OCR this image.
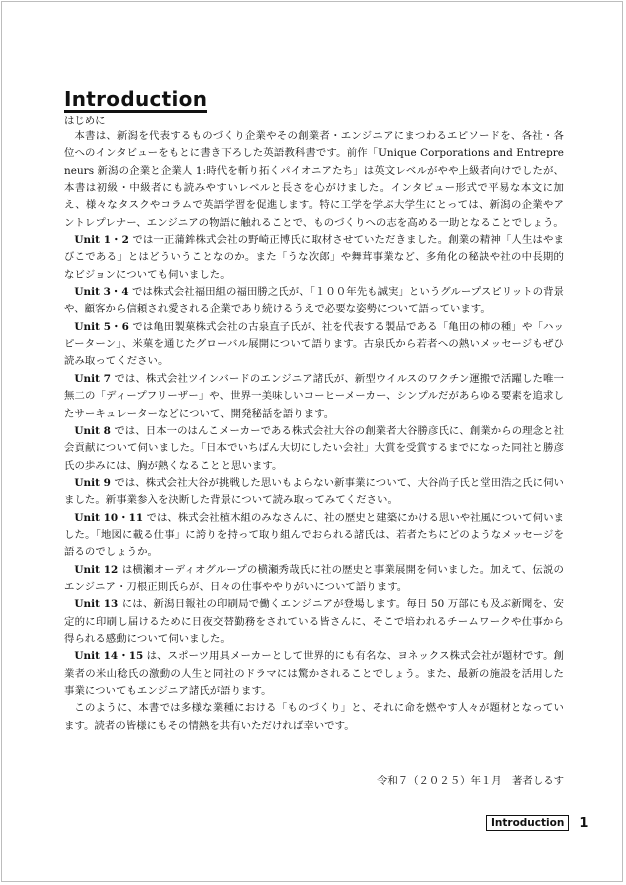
Introduction
はじめに

本書は、新潟を代表するものづくり企業やその創業者・エンジニアにまつわるエピソードを、各社・各位へのインタビューをもとに書き下ろした英語教科書です。前作「Unique Corporations and Entrepreneurs 新潟の企業と企業人 1:時代を斬り拓くパイオニアたち」は英文レベルがやや上級者向けでしたが、本書は初級・中級者にも読みやすいレベルと長さを心がけました。インタビュー形式で平易な本文に加え、様々なタスクやコラムで英語学習を促進します。特に工学を学ぶ大学生にとっては、新潟の企業やアントレプレナー、エンジニアの物語に触れることで、ものづくりへの志を高める一助となることでしょう。

Unit 1・2 では一正蒲鉾株式会社の野崎正博氏に取材させていただきました。創業の精神「人生はやまびこである」とはどういうことなのか。また「うな次郎」や舞茸事業など、多角化の秘訣や社の中長期的なビジョンについても伺いました。

Unit 3・4 では株式会社福田組の福田勝之氏が、「１００年先も誠実」というグループスピリットの背景や、顧客から信頼され愛される企業であり続けるうえで必要な姿勢について語っています。

Unit 5・6 では亀田製菓株式会社の古泉直子氏が、社を代表する製品である「亀田の柿の種」や「ハッピーターン」、米菓を通じたグローバル展開について語ります。古泉氏から若者への熱いメッセージもぜひ読み取ってください。

Unit 7 では、株式会社ツインバードのエンジニア諸氏が、新型ウイルスのワクチン運搬で活躍した唯一無二の「ディープフリーザー」や、世界一美味しいコーヒーメーカー、シンプルだがあらゆる要素を追求したサーキュレーターなどについて、開発秘話を語ります。

Unit 8 では、日本一のはんこメーカーである株式会社大谷の創業者大谷勝彦氏に、創業からの理念と社会貢献について伺いました。「日本でいちばん大切にしたい会社」大賞を受賞するまでになった同社と勝彦氏の歩みには、胸が熱くなることと思います。

Unit 9 では、株式会社大谷が挑戦した思いもよらない新事業について、大谷尚子氏と堂田浩之氏に伺いました。新事業参入を決断した背景について読み取ってみてください。

Unit 10・11 では、株式会社植木組のみなさんに、社の歴史と建築にかける思いや社風について伺いました。「地図に載る仕事」に誇りを持って取り組んでおられる諸氏は、若者たちにどのようなメッセージを語るのでしょうか。

Unit 12 は横瀬オーディオグループの横瀬秀哉氏に社の歴史と事業展開を伺いました。加えて、伝説のエンジニア・刀根正則氏らが、日々の仕事ややりがいについて語ります。

Unit 13 には、新潟日報社の印刷局で働くエンジニアが登場します。毎日 50 万部にも及ぶ新聞を、安定的に印刷し届けるために日夜交替勤務をされている皆さんに、そこで培われるチームワークや仕事から得られる感動について伺いました。

Unit 14・15 は、スポーツ用具メーカーとして世界的にも有名な、ヨネックス株式会社が題材です。創業者の米山稔氏の激動の人生と同社のドラマには驚かされることでしょう。また、最新の施設を活用した事業についてもエンジニア諸氏が語ります。

このように、本書では多様な業種における「ものづくり」と、それに命を燃やす人々が題材となっています。読者の皆様にもその情熱を共有いただければ幸いです。

令和７（２０２５）年１月　著者しるす
Introduction	1
